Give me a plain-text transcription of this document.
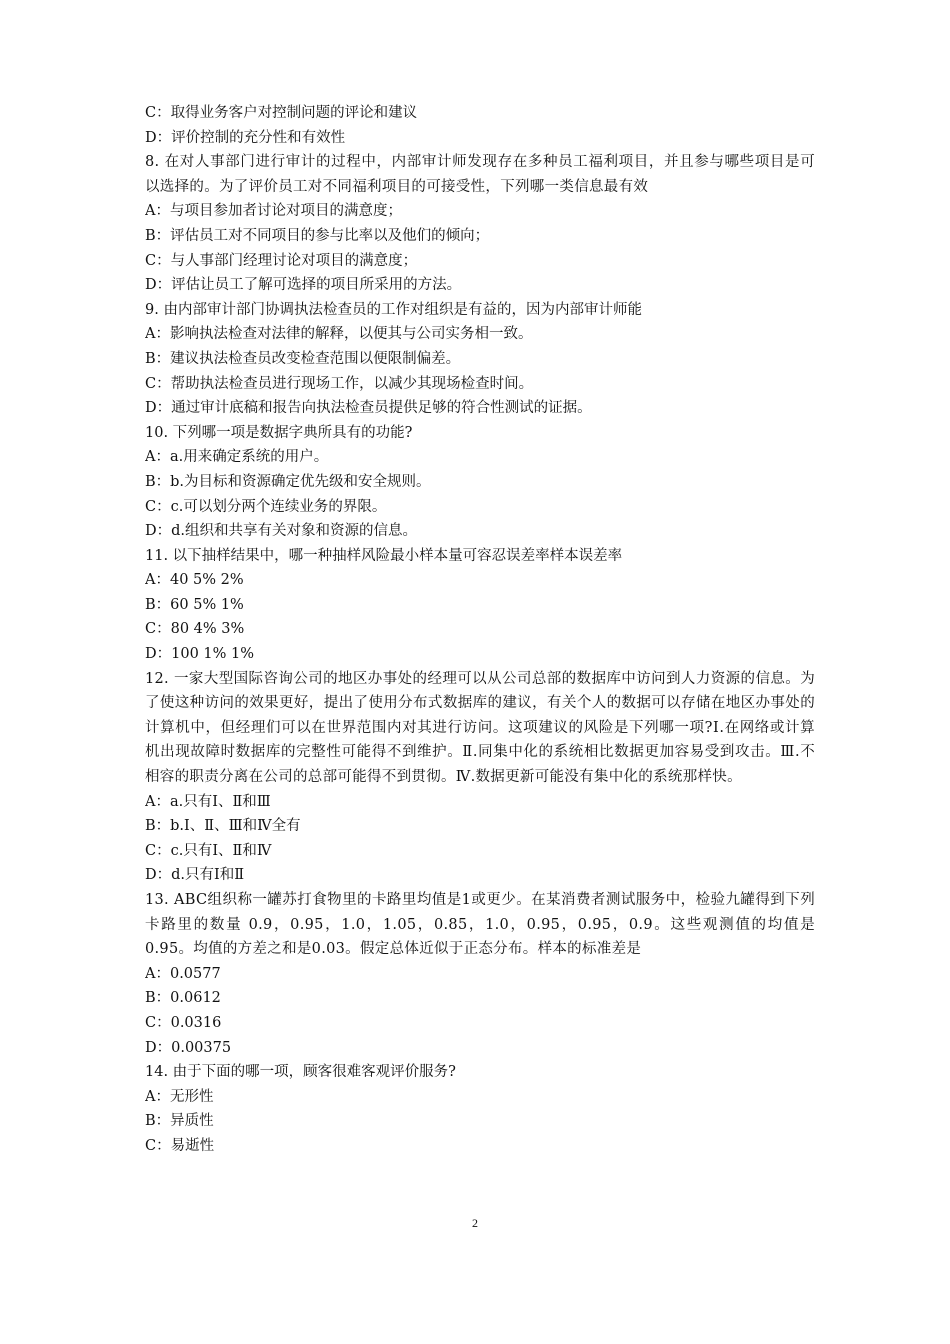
C：取得业务客户对控制问题的评论和建议
D：评价控制的充分性和有效性
8. 在对人事部门进行审计的过程中，内部审计师发现存在多种员工福利项目，并且参与哪些项目是可以选择的。为了评价员工对不同福利项目的可接受性，下列哪一类信息最有效
A：与项目参加者讨论对项目的满意度；
B：评估员工对不同项目的参与比率以及他们的倾向；
C：与人事部门经理讨论对项目的满意度；
D：评估让员工了解可选择的项目所采用的方法。
9. 由内部审计部门协调执法检查员的工作对组织是有益的，因为内部审计师能
A：影响执法检查对法律的解释，以便其与公司实务相一致。
B：建议执法检查员改变检查范围以便限制偏差。
C：帮助执法检查员进行现场工作，以减少其现场检查时间。
D：通过审计底稿和报告向执法检查员提供足够的符合性测试的证据。
10. 下列哪一项是数据字典所具有的功能?
A：a.用来确定系统的用户。
B：b.为目标和资源确定优先级和安全规则。
C：c.可以划分两个连续业务的界限。
D：d.组织和共享有关对象和资源的信息。
11. 以下抽样结果中，哪一种抽样风险最小样本量可容忍误差率样本误差率
A：40 5% 2%
B：60 5% 1%
C：80 4% 3%
D：100 1% 1%
12. 一家大型国际咨询公司的地区办事处的经理可以从公司总部的数据库中访问到人力资源的信息。为了使这种访问的效果更好，提出了使用分布式数据库的建议，有关个人的数据可以存储在地区办事处的计算机中，但经理们可以在世界范围内对其进行访问。这项建议的风险是下列哪一项?Ⅰ.在网络或计算机出现故障时数据库的完整性可能得不到维护。Ⅱ.同集中化的系统相比数据更加容易受到攻击。Ⅲ.不相容的职责分离在公司的总部可能得不到贯彻。Ⅳ.数据更新可能没有集中化的系统那样快。
A：a.只有Ⅰ、Ⅱ和Ⅲ
B：b.Ⅰ、Ⅱ、Ⅲ和Ⅳ全有
C：c.只有Ⅰ、Ⅱ和Ⅳ
D：d.只有Ⅰ和Ⅱ
13. ABC组织称一罐苏打食物里的卡路里均值是1或更少。在某消费者测试服务中，检验九罐得到下列卡路里的数量 0.9，0.95，1.0，1.05，0.85，1.0，0.95，0.95，0.9。这些观测值的均值是0.95。均值的方差之和是0.03。假定总体近似于正态分布。样本的标准差是
A：0.0577
B：0.0612
C：0.0316
D：0.00375
14. 由于下面的哪一项，顾客很难客观评价服务?
A：无形性
B：异质性
C：易逝性
2
